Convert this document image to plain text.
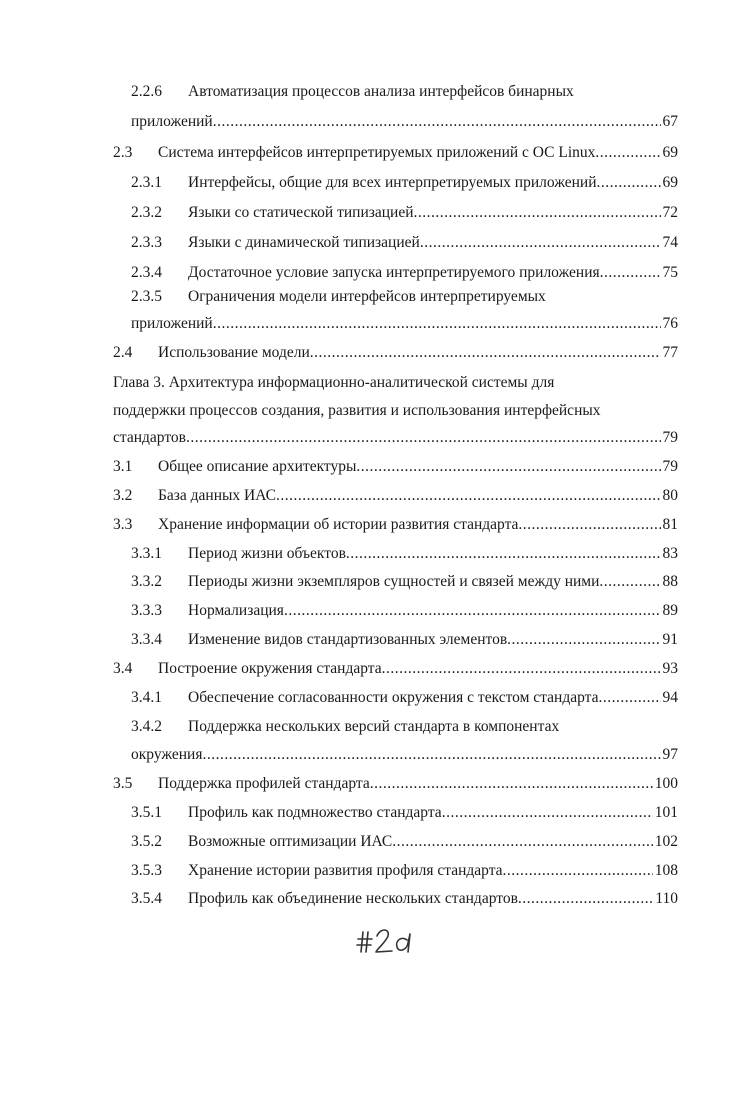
2.2.6 Автоматизация процессов анализа интерфейсов бинарных
приложений .....	67
2.3 Система интерфейсов интерпретируемых приложений с ОС Linux .....	69
2.3.1 Интерфейсы, общие для всех интерпретируемых приложений .....	69
2.3.2 Языки со статической типизацией .....	72
2.3.3 Языки с динамической типизацией .....	74
2.3.4 Достаточное условие запуска интерпретируемого приложения .....	75
2.3.5 Ограничения модели интерфейсов интерпретируемых
приложений .....	76
2.4 Использование модели .....	77
Глава 3. Архитектура информационно-аналитической системы для
поддержки процессов создания, развития и использования интерфейсных
стандартов .....	79
3.1 Общее описание архитектуры .....	79
3.2 База данных ИАС .....	80
3.3 Хранение информации об истории развития стандарта .....	81
3.3.1 Период жизни объектов .....	83
3.3.2 Периоды жизни экземпляров сущностей и связей между ними .....	88
3.3.3 Нормализация .....	89
3.3.4 Изменение видов стандартизованных элементов .....	91
3.4 Построение окружения стандарта .....	93
3.4.1 Обеспечение согласованности окружения с текстом стандарта .....	94
3.4.2 Поддержка нескольких версий стандарта в компонентах
окружения .....	97
3.5 Поддержка профилей стандарта .....	100
3.5.1 Профиль как подмножество стандарта .....	101
3.5.2 Возможные оптимизации ИАС .....	102
3.5.3 Хранение истории развития профиля стандарта .....	108
3.5.4 Профиль как объединение нескольких стандартов .....	110
